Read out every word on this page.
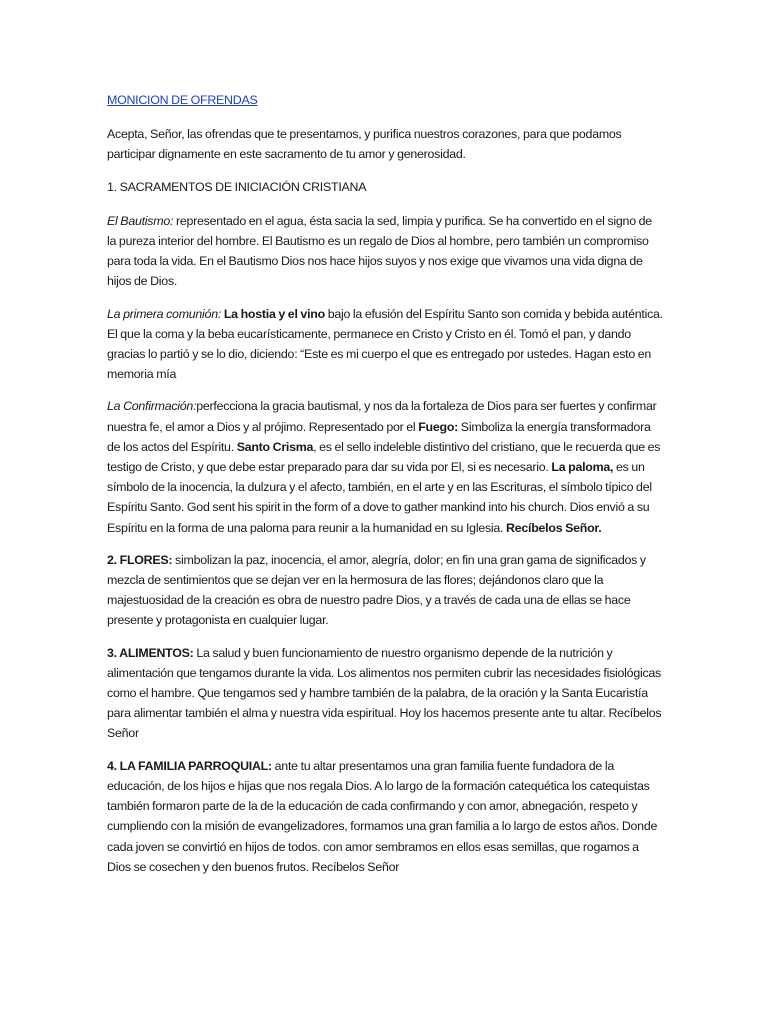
MONICION DE OFRENDAS

Acepta, Señor, las ofrendas que te presentamos, y purifica nuestros corazones, para que podamos participar dignamente en este sacramento de tu amor y generosidad.

1. SACRAMENTOS DE INICIACIÓN CRISTIANA

El Bautismo: representado en el agua, ésta sacia la sed, limpia y purifica. Se ha convertido en el signo de la pureza interior del hombre. El Bautismo es un regalo de Dios al hombre, pero también un compromiso para toda la vida. En el Bautismo Dios nos hace hijos suyos y nos exige que vivamos una vida digna de hijos de Dios.

La primera comunión: La hostia y el vino bajo la efusión del Espíritu Santo son comida y bebida auténtica. El que la coma y la beba eucarísticamente, permanece en Cristo y Cristo en él. Tomó el pan, y dando gracias lo partió y se lo dio, diciendo: “Este es mi cuerpo el que es entregado por ustedes. Hagan esto en memoria mía

La Confirmación:perfecciona la gracia bautismal, y nos da la fortaleza de Dios para ser fuertes y confirmar nuestra fe, el amor a Dios y al prójimo. Representado por el Fuego: Simboliza la energía transformadora de los actos del Espíritu. Santo Crisma, es el sello indeleble distintivo del cristiano, que le recuerda que es testigo de Cristo, y que debe estar preparado para dar su vida por El, si es necesario. La paloma, es un símbolo de la inocencia, la dulzura y el afecto, también, en el arte y en las Escrituras, el símbolo típico del Espíritu Santo. God sent his spirit in the form of a dove to gather mankind into his church. Dios envió a su Espíritu en la forma de una paloma para reunir a la humanidad en su Iglesia. Recíbelos Señor.

2. FLORES: simbolizan la paz, inocencia, el amor, alegría, dolor; en fin una gran gama de significados y mezcla de sentimientos que se dejan ver en la hermosura de las flores; dejándonos claro que la majestuosidad de la creación es obra de nuestro padre Dios, y a través de cada una de ellas se hace presente y protagonista en cualquier lugar.

3. ALIMENTOS: La salud y buen funcionamiento de nuestro organismo depende de la nutrición y alimentación que tengamos durante la vida. Los alimentos nos permiten cubrir las necesidades fisiológicas como el hambre. Que tengamos sed y hambre también de la palabra, de la oración y la Santa Eucaristía para alimentar también el alma y nuestra vida espiritual. Hoy los hacemos presente ante tu altar. Recíbelos Señor

4. LA FAMILIA PARROQUIAL: ante tu altar presentamos una gran familia fuente fundadora de la educación, de los hijos e hijas que nos regala Dios. A lo largo de la formación catequética los catequistas también formaron parte de la de la educación de cada confirmando y con amor, abnegación, respeto y cumpliendo con la misión de evangelizadores, formamos una gran familia a lo largo de estos años. Donde cada joven se convirtió en hijos de todos. con amor sembramos en ellos esas semillas, que rogamos a Dios se cosechen y den buenos frutos. Recíbelos Señor
